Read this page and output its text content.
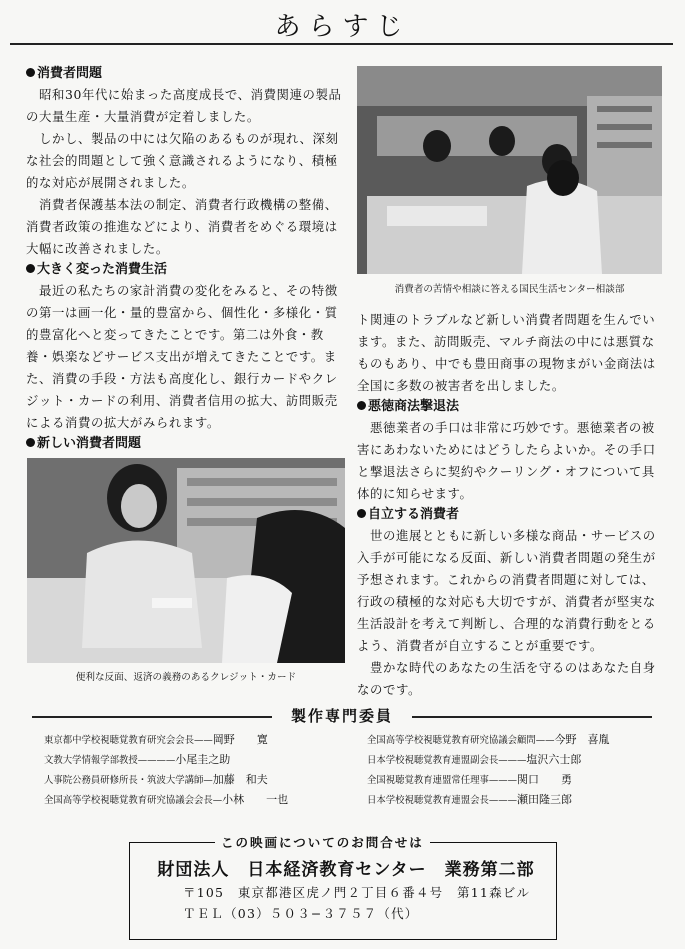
あらすじ
消費者問題
昭和30年代に始まった高度成長で、消費関連の製品の大量生産・大量消費が定着しました。
しかし、製品の中には欠陥のあるものが現れ、深刻な社会的問題として強く意識されるようになり、積極的な対応が展開されました。
消費者保護基本法の制定、消費者行政機構の整備、消費者政策の推進などにより、消費者をめぐる環境は大幅に改善されました。
大きく変った消費生活
最近の私たちの家計消費の変化をみると、その特徴の第一は画一化・量的豊富から、個性化・多様化・質的豊富化へと変ってきたことです。第二は外食・教養・娯楽などサービス支出が増えてきたことです。また、消費の手段・方法も高度化し、銀行カードやクレジット・カードの利用、消費者信用の拡大、訪問販売による消費の拡大がみられます。
新しい消費者問題
便利な反面、返済の義務のあるクレジット・カード
消費者の苦情や相談に答える国民生活センター相談部
ト関連のトラブルなど新しい消費者問題を生んでいます。また、訪問販売、マルチ商法の中には悪質なものもあり、中でも豊田商事の現物まがい金商法は全国に多数の被害者を出しました。
悪徳商法撃退法
悪徳業者の手口は非常に巧妙です。悪徳業者の被害にあわないためにはどうしたらよいか。その手口と撃退法さらに契約やクーリング・オフについて具体的に知らせます。
自立する消費者
世の進展とともに新しい多様な商品・サービスの入手が可能になる反面、新しい消費者問題の発生が予想されます。これからの消費者問題に対しては、行政の積極的な対応も大切ですが、消費者が堅実な生活設計を考えて判断し、合理的な消費行動をとるよう、消費者が自立することが重要です。
豊かな時代のあなたの生活を守るのはあなた自身なのです。
製作専門委員
東京都中学校視聴覚教育研究会会長——岡野　　寛
文教大学情報学部教授————小尾圭之助
人事院公務員研修所長・筑波大学講師—加藤　和夫
全国高等学校視聴覚教育研究協議会会長—小林　　一也
全国高等学校視聴覚教育研究協議会顧問——今野　喜胤
日本学校視聴覚教育連盟副会長———塩沢六士郎
全国視聴覚教育連盟常任理事———関口　　勇
日本学校視聴覚教育連盟会長———瀬田隆三郎
この映画についてのお問合せは
財団法人　日本経済教育センター　業務第二部
〒105　東京都港区虎ノ門２丁目６番４号　第11森ビル
ＴＥＬ（03）５０３−３７５７（代）
